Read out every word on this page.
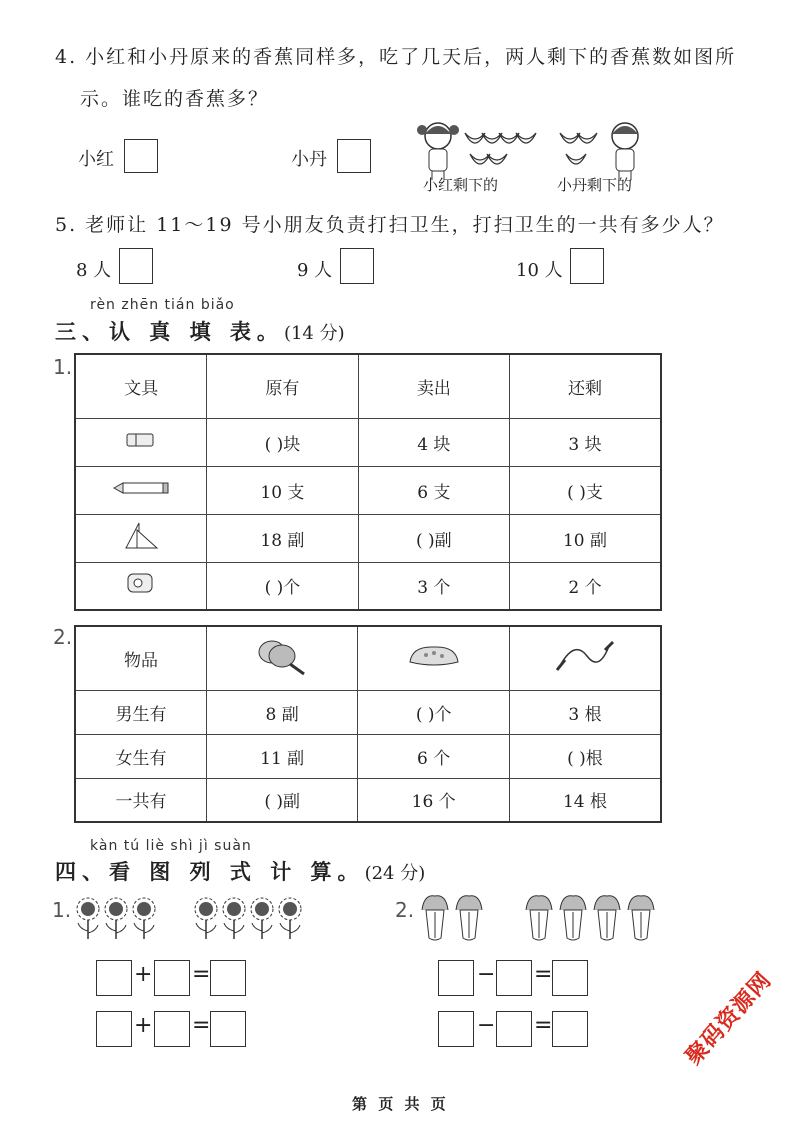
4. 小红和小丹原来的香蕉同样多，吃了几天后，两人剩下的香蕉数如图所
示。谁吃的香蕉多？
小红	小丹
小红剩下的	小丹剩下的
5. 老师让 11～19 号小朋友负责打扫卫生，打扫卫生的一共有多少人？
8 人	9 人	10 人
rèn zhēn tián biǎo
三、认 真 填 表。(14 分)
1.
文具	原有	卖出	还剩
	( )块	4 块	3 块
	10 支	6 支	( )支
	18 副	( )副	10 副
	( )个	3 个	2 个
2.
物品			
男生有	8 副	( )个	3 根
女生有	11 副	6 个	( )根
一共有	( )副	16 个	14 根
kàn tú liè shì jì suàn
四、看 图 列 式 计 算。(24 分)
1.
+ =
+ =
2.
− =
− =	聚码资源网
第 页 共 页
